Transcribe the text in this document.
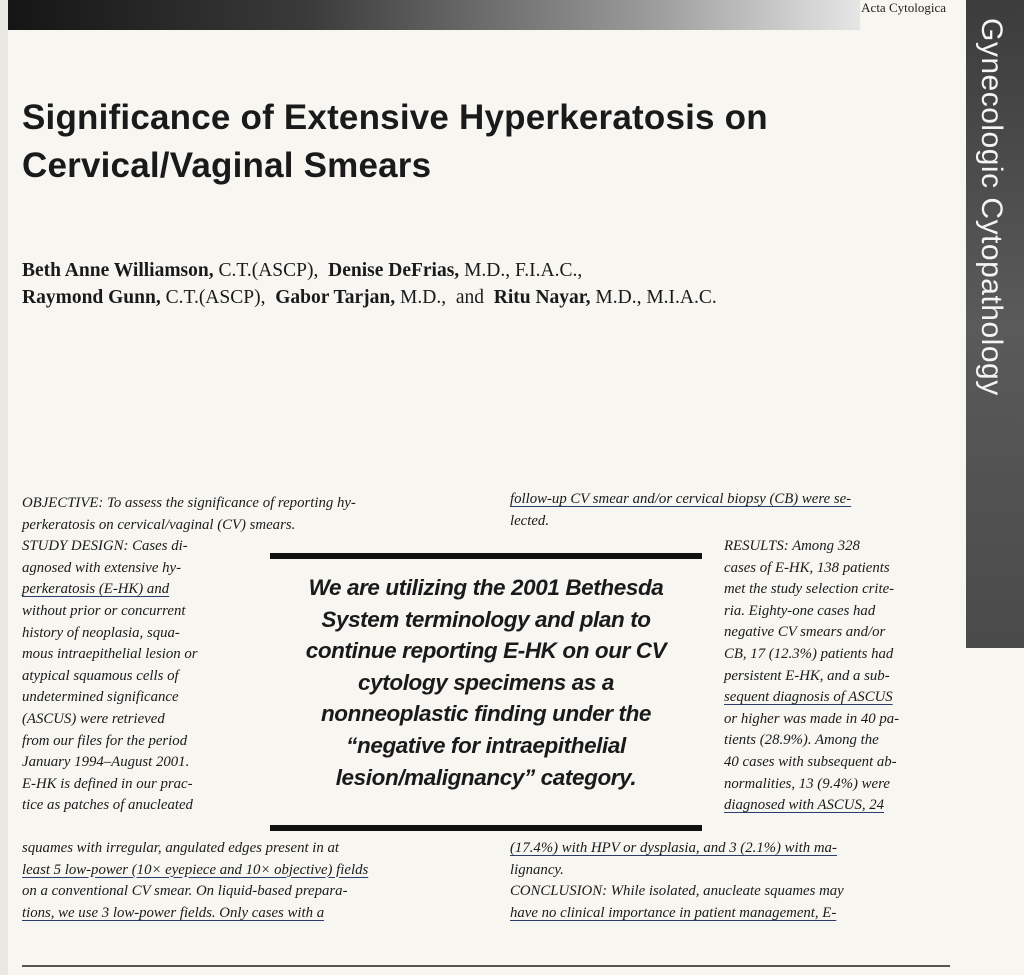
Acta Cytologica
Gynecologic Cytopathology
Significance of Extensive Hyperkeratosis on
Cervical/Vaginal Smears
Beth Anne Williamson, C.T.(ASCP), Denise DeFrias, M.D., F.I.A.C.,
Raymond Gunn, C.T.(ASCP), Gabor Tarjan, M.D., and Ritu Nayar, M.D., M.I.A.C.
OBJECTIVE: To assess the significance of reporting hy-
perkeratosis on cervical/vaginal (CV) smears.
STUDY DESIGN: Cases di-
agnosed with extensive hy-
perkeratosis (E-HK) and
without prior or concurrent
history of neoplasia, squa-
mous intraepithelial lesion or
atypical squamous cells of
undetermined significance
(ASCUS) were retrieved
from our files for the period
January 1994–August 2001.
E-HK is defined in our prac-
tice as patches of anucleated
follow-up CV smear and/or cervical biopsy (CB) were se-
lected.
We are utilizing the 2001 Bethesda
System terminology and plan to
continue reporting E-HK on our CV
cytology specimens as a
nonneoplastic finding under the
“negative for intraepithelial
lesion/malignancy” category.
RESULTS: Among 328
cases of E-HK, 138 patients
met the study selection crite-
ria. Eighty-one cases had
negative CV smears and/or
CB, 17 (12.3%) patients had
persistent E-HK, and a sub-
sequent diagnosis of ASCUS
or higher was made in 40 pa-
tients (28.9%). Among the
40 cases with subsequent ab-
normalities, 13 (9.4%) were
diagnosed with ASCUS, 24
squames with irregular, angulated edges present in at
least 5 low-power (10× eyepiece and 10× objective) fields
on a conventional CV smear. On liquid-based prepara-
tions, we use 3 low-power fields. Only cases with a
(17.4%) with HPV or dysplasia, and 3 (2.1%) with ma-
lignancy.
CONCLUSION: While isolated, anucleate squames may
have no clinical importance in patient management, E-
